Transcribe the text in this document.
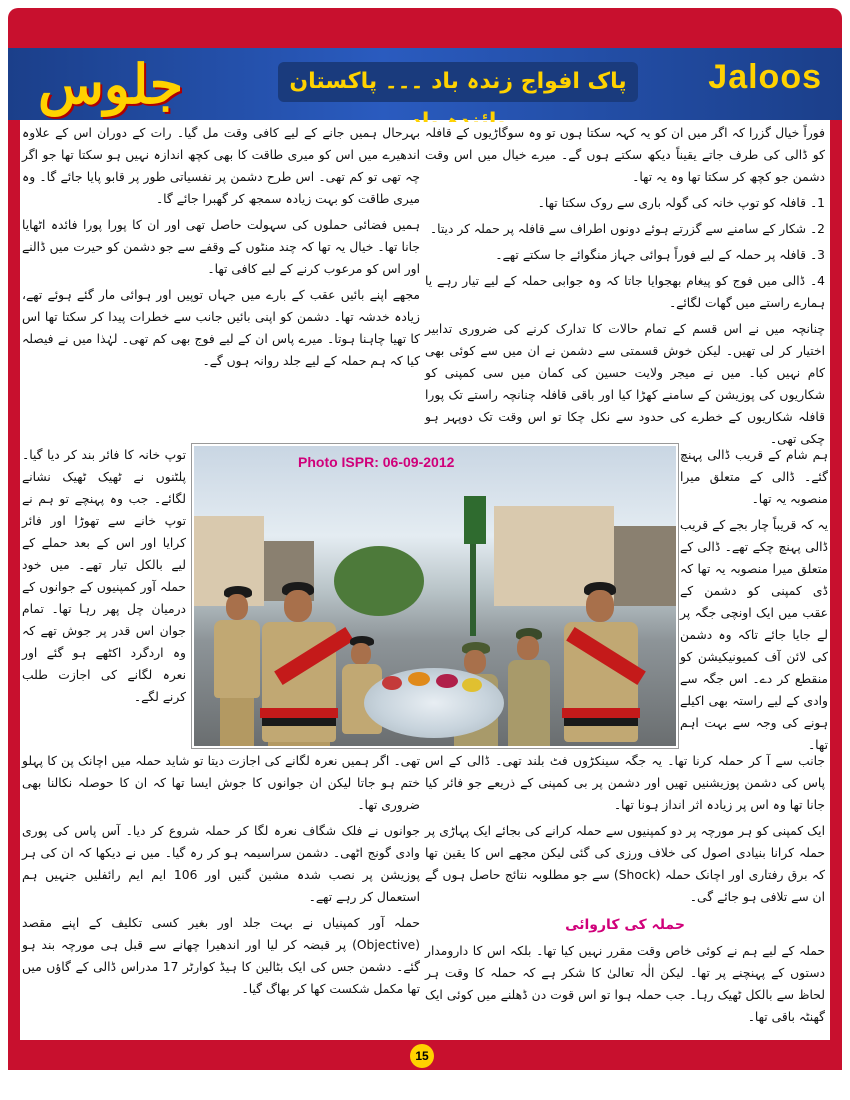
جلوس	پاک افواج زندہ باد ۔۔۔ پاکستان	Jaloos

فوراً خیال گزرا کہ اگر میں ان کو یہ کہہ سکتا ہوں تو وہ سوگاڑیوں کے قافلہ کو ڈالی کی طرف جاتے یقیناً دیکھ سکتے ہوں گے۔ میرے خیال میں اس وقت دشمن جو کچھ کر سکتا تھا وہ یہ تھا۔

1۔ قافلہ کو توپ خانہ کی گولہ باری سے روک سکتا تھا۔

2۔ شکار کے سامنے سے گزرتے ہوئے دونوں اطراف سے قافلہ پر حملہ کر دیتا۔

3۔ قافلہ پر حملہ کے لیے فوراً ہوائی جہاز منگوائے جا سکتے تھے۔

4۔ ڈالی میں فوج کو پیغام بھجوایا جاتا کہ وہ جوابی حملہ کے لیے تیار رہے یا ہمارے راستے میں گھات لگائے۔

چنانچہ میں نے اس قسم کے تمام حالات کا تدارک کرنے کی ضروری تدابیر اختیار کر لی تھیں۔ لیکن خوش قسمتی سے دشمن نے ان میں سے کوئی بھی کام نہیں کیا۔ میں نے میجر ولایت حسین کی کمان میں سی کمپنی کو شکاریوں کی پوزیشن کے سامنے کھڑا کیا اور باقی قافلہ چنانچہ راستے تک پورا قافلہ شکاریوں کے خطرے کی حدود سے نکل چکا تو اس وقت تک دوپہر ہو چکی تھی۔

بہرحال ہمیں جانے کے لیے کافی وقت مل گیا۔ رات کے دوران اس کے علاوہ اندھیرے میں اس کو میری طاقت کا بھی کچھ اندازہ نہیں ہو سکتا تھا جو اگر چہ تھی تو کم تھی۔ اس طرح دشمن پر نفسیاتی طور پر قابو پایا جائے گا۔ وہ میری طاقت کو بہت زیادہ سمجھ کر گھبرا جائے گا۔

ہمیں فضائی حملوں کی سہولت حاصل تھی اور ان کا پورا پورا فائدہ اٹھایا جانا تھا۔ خیال یہ تھا کہ چند منٹوں کے وقفے سے جو دشمن کو حیرت میں ڈالنے اور اس کو مرعوب کرنے کے لیے کافی تھا۔

مجھے اپنے بائیں عقب کے بارے میں جہاں توپیں اور ہوائی مار گئے ہوئے تھے، زیادہ خدشہ تھا۔ دشمن کو اپنی بائیں جانب سے خطرات پیدا کر سکتا تھا اس کا تھیا چاہنا ہوتا۔ میرے پاس ان کے لیے فوج بھی کم تھی۔ لہٰذا میں نے فیصلہ کیا کہ ہم حملہ کے لیے جلد روانہ ہوں گے۔

توپ خانہ کا فائر بند کر دیا گیا۔ پلٹنوں نے ٹھیک ٹھیک نشانے لگائے۔ جب وہ پہنچے تو ہم نے توپ خانے سے تھوڑا اور فائر کرایا اور اس کے بعد حملے کے لیے بالکل تیار تھے۔ میں خود حملہ آور کمپنیوں کے جوانوں کے درمیان چل پھر رہا تھا۔ تمام جوان اس قدر پر جوش تھے کہ وہ اردگرد اکٹھے ہو گئے اور نعرہ لگانے کی اجازت طلب کرنے لگے۔

ہم شام کے قریب ڈالی پہنچ گئے۔ ڈالی کے متعلق میرا منصوبہ یہ تھا۔

یہ کہ قریباً چار بجے کے قریب ڈالی پہنچ چکے تھے۔ ڈالی کے متعلق میرا منصوبہ یہ تھا کہ ڈی کمپنی کو دشمن کے عقب میں ایک اونچی جگہ پر لے جایا جائے تاکہ وہ دشمن کی لائن آف کمیونیکیشن کو منقطع کر دے۔ اس جگہ سے وادی کے لیے راستہ بھی اکیلے ہونے کی وجہ سے بہت اہم تھا۔

Photo ISPR: 06-09-2012

تھی۔ اگر ہمیں نعرہ لگانے کی اجازت دیتا تو شاید حملہ میں اچانک پن کا پہلو ختم ہو جاتا لیکن ان جوانوں کا جوش ایسا تھا کہ ان کا حوصلہ نکالنا بھی ضروری تھا۔

جوانوں نے فلک شگاف نعرہ لگا کر حملہ شروع کر دیا۔ آس پاس کی پوری وادی گونج اٹھی۔ دشمن سراسیمہ ہو کر رہ گیا۔ میں نے دیکھا کہ ان کی ہر پوزیشن پر نصب شدہ مشین گنیں اور 106 ایم ایم رائفلیں جنہیں ہم استعمال کر رہے تھے۔

حملہ آور کمپنیاں نے بہت جلد اور بغیر کسی تکلیف کے اپنے مقصد (Objective) پر قبضہ کر لیا اور اندھیرا چھانے سے قبل ہی مورچہ بند ہو گئے۔ دشمن جس کی ایک بٹالین کا ہیڈ کوارٹر 17 مدراس ڈالی کے گاؤں میں تھا مکمل شکست کھا کر بھاگ گیا۔

جانب سے آ کر حملہ کرنا تھا۔ یہ جگہ سینکڑوں فٹ بلند تھی۔ ڈالی کے اس پاس کی دشمن پوزیشنیں تھیں اور دشمن پر بی کمپنی کے ذریعے جو فائر کیا جانا تھا وہ اس پر زیادہ اثر انداز ہونا تھا۔

ایک کمپنی کو ہر مورچہ پر دو کمپنیوں سے حملہ کرانے کی بجائے ایک پہاڑی پر حملہ کرانا بنیادی اصول کی خلاف ورزی کی گئی لیکن مجھے اس کا یقین تھا کہ برق رفتاری اور اچانک حملہ (Shock) سے جو مطلوبہ نتائج حاصل ہوں گے ان سے تلافی ہو جائے گی۔

حملہ کی کاروائی

حملہ کے لیے ہم نے کوئی خاص وقت مقرر نہیں کیا تھا۔ بلکہ اس کا دارومدار دستوں کے پہنچنے پر تھا۔ لیکن الٰہ تعالیٰ کا شکر ہے کہ حملہ کا وقت ہر لحاظ سے بالکل ٹھیک رہا۔ جب حملہ ہوا تو اس قوت دن ڈھلنے میں کوئی ایک گھنٹہ باقی تھا۔

15
